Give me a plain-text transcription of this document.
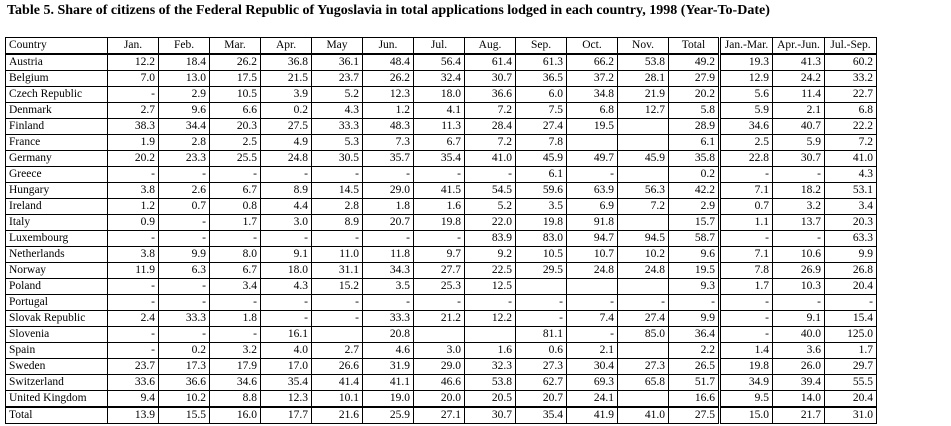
Table 5. Share of citizens of the Federal Republic of Yugoslavia in total applications lodged in each country, 1998 (Year-To-Date)
Country	Jan.	Feb.	Mar.	Apr.	May	Jun.	Jul.	Aug.	Sep.	Oct.	Nov.	Total	Jan.-Mar.	Apr.-Jun.	Jul.-Sep.
Austria	12.2	18.4	26.2	36.8	36.1	48.4	56.4	61.4	61.3	66.2	53.8	49.2	19.3	41.3	60.2
Belgium	7.0	13.0	17.5	21.5	23.7	26.2	32.4	30.7	36.5	37.2	28.1	27.9	12.9	24.2	33.2
Czech Republic	-	2.9	10.5	3.9	5.2	12.3	18.0	36.6	6.0	34.8	21.9	20.2	5.6	11.4	22.7
Denmark	2.7	9.6	6.6	0.2	4.3	1.2	4.1	7.2	7.5	6.8	12.7	5.8	5.9	2.1	6.8
Finland	38.3	34.4	20.3	27.5	33.3	48.3	11.3	28.4	27.4	19.5		28.9	34.6	40.7	22.2
France	1.9	2.8	2.5	4.9	5.3	7.3	6.7	7.2	7.8			6.1	2.5	5.9	7.2
Germany	20.2	23.3	25.5	24.8	30.5	35.7	35.4	41.0	45.9	49.7	45.9	35.8	22.8	30.7	41.0
Greece	-	-	-	-	-	-	-	-	6.1	-		0.2	-	-	4.3
Hungary	3.8	2.6	6.7	8.9	14.5	29.0	41.5	54.5	59.6	63.9	56.3	42.2	7.1	18.2	53.1
Ireland	1.2	0.7	0.8	4.4	2.8	1.8	1.6	5.2	3.5	6.9	7.2	2.9	0.7	3.2	3.4
Italy	0.9	-	1.7	3.0	8.9	20.7	19.8	22.0	19.8	91.8		15.7	1.1	13.7	20.3
Luxembourg	-	-	-	-	-	-	-	83.9	83.0	94.7	94.5	58.7	-	-	63.3
Netherlands	3.8	9.9	8.0	9.1	11.0	11.8	9.7	9.2	10.5	10.7	10.2	9.6	7.1	10.6	9.9
Norway	11.9	6.3	6.7	18.0	31.1	34.3	27.7	22.5	29.5	24.8	24.8	19.5	7.8	26.9	26.8
Poland	-	-	3.4	4.3	15.2	3.5	25.3	12.5				9.3	1.7	10.3	20.4
Portugal	-	-	-	-	-	-	-	-	-	-	-	-	-	-	-
Slovak Republic	2.4	33.3	1.8	-	-	33.3	21.2	12.2	-	7.4	27.4	9.9	-	9.1	15.4
Slovenia	-	-	-	16.1		20.8			81.1	-	85.0	36.4	-	40.0	125.0
Spain	-	0.2	3.2	4.0	2.7	4.6	3.0	1.6	0.6	2.1		2.2	1.4	3.6	1.7
Sweden	23.7	17.3	17.9	17.0	26.6	31.9	29.0	32.3	27.3	30.4	27.3	26.5	19.8	26.0	29.7
Switzerland	33.6	36.6	34.6	35.4	41.4	41.1	46.6	53.8	62.7	69.3	65.8	51.7	34.9	39.4	55.5
United Kingdom	9.4	10.2	8.8	12.3	10.1	19.0	20.0	20.5	20.7	24.1		16.6	9.5	14.0	20.4
Total	13.9	15.5	16.0	17.7	21.6	25.9	27.1	30.7	35.4	41.9	41.0	27.5	15.0	21.7	31.0
